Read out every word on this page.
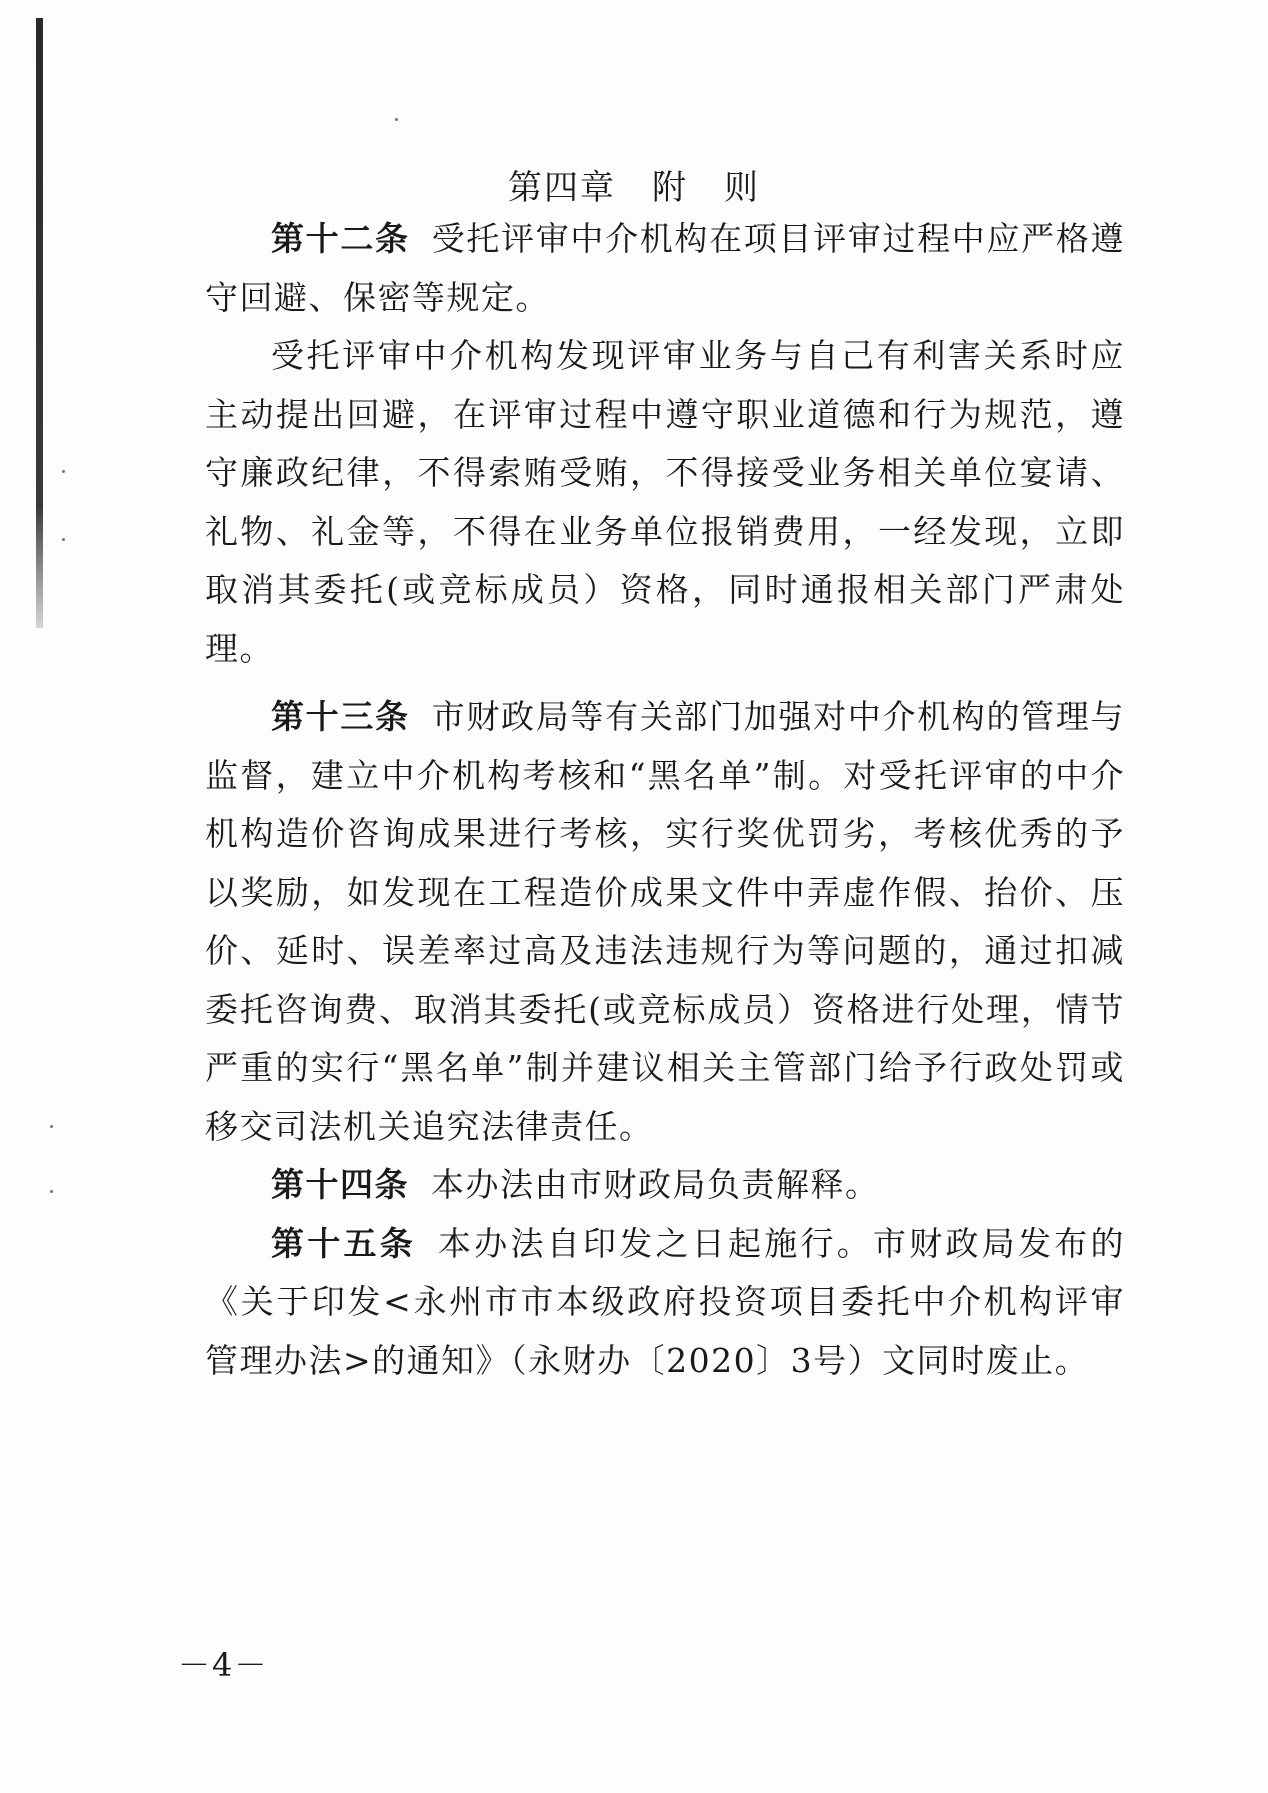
第四章　附　则

第十二条 受托评审中介机构在项目评审过程中应严格遵守回避、保密等规定。

受托评审中介机构发现评审业务与自己有利害关系时应主动提出回避，在评审过程中遵守职业道德和行为规范，遵守廉政纪律，不得索贿受贿，不得接受业务相关单位宴请、礼物、礼金等，不得在业务单位报销费用，一经发现，立即取消其委托(或竞标成员）资格，同时通报相关部门严肃处理。

第十三条 市财政局等有关部门加强对中介机构的管理与监督，建立中介机构考核和“黑名单”制。对受托评审的中介机构造价咨询成果进行考核，实行奖优罚劣，考核优秀的予以奖励，如发现在工程造价成果文件中弄虚作假、抬价、压价、延时、误差率过高及违法违规行为等问题的，通过扣减委托咨询费、取消其委托(或竞标成员）资格进行处理，情节严重的实行“黑名单”制并建议相关主管部门给予行政处罚或移交司法机关追究法律责任。

第十四条 本办法由市财政局负责解释。

第十五条 本办法自印发之日起施行。市财政局发布的《关于印发<永州市市本级政府投资项目委托中介机构评审管理办法>的通知》（永财办〔2020〕3号）文同时废止。

－4－
